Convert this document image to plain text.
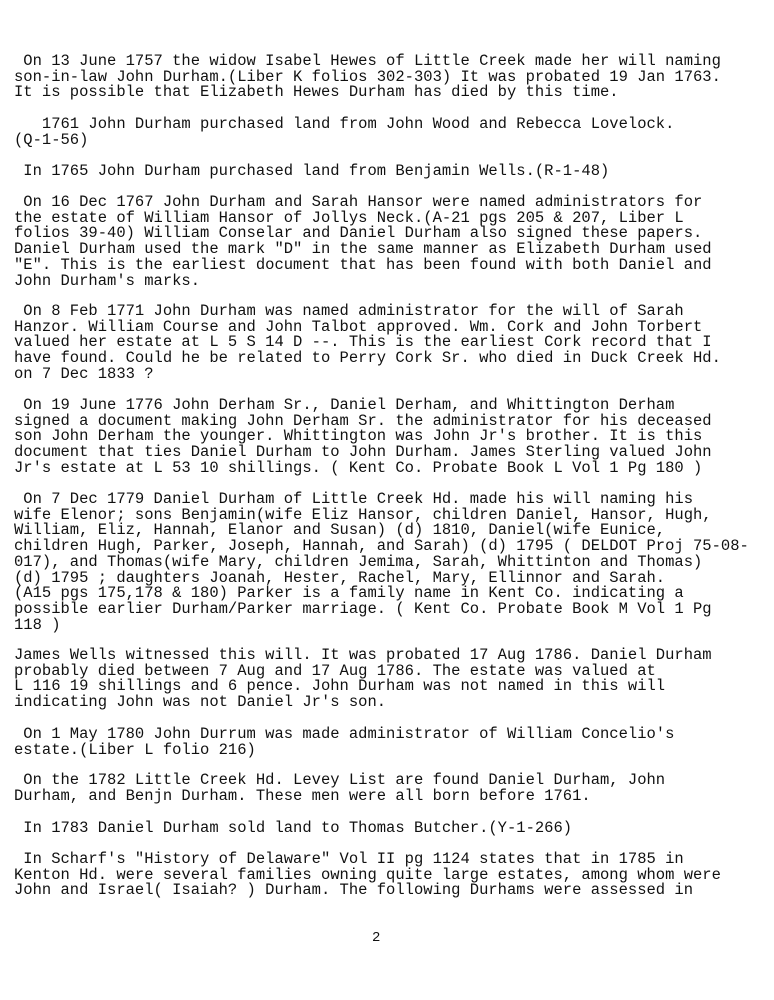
On 13 June 1757 the widow Isabel Hewes of Little Creek made her will naming
son-in-law John Durham.(Liber K folios 302-303) It was probated 19 Jan 1763.
It is possible that Elizabeth Hewes Durham has died by this time.

1761 John Durham purchased land from John Wood and Rebecca Lovelock.
(Q-1-56)

In 1765 John Durham purchased land from Benjamin Wells.(R-1-48)

On 16 Dec 1767 John Durham and Sarah Hansor were named administrators for
the estate of William Hansor of Jollys Neck.(A-21 pgs 205 & 207, Liber L
folios 39-40) William Conselar and Daniel Durham also signed these papers.
Daniel Durham used the mark "D" in the same manner as Elizabeth Durham used
"E". This is the earliest document that has been found with both Daniel and
John Durham's marks.

On 8 Feb 1771 John Durham was named administrator for the will of Sarah
Hanzor. William Course and John Talbot approved. Wm. Cork and John Torbert
valued her estate at L 5 S 14 D --. This is the earliest Cork record that I
have found. Could he be related to Perry Cork Sr. who died in Duck Creek Hd.
on 7 Dec 1833 ?

On 19 June 1776 John Derham Sr., Daniel Derham, and Whittington Derham
signed a document making John Derham Sr. the administrator for his deceased
son John Derham the younger. Whittington was John Jr's brother. It is this
document that ties Daniel Durham to John Durham. James Sterling valued John
Jr's estate at L 53 10 shillings. ( Kent Co. Probate Book L Vol 1 Pg 180 )

On 7 Dec 1779 Daniel Durham of Little Creek Hd. made his will naming his
wife Elenor; sons Benjamin(wife Eliz Hansor, children Daniel, Hansor, Hugh,
William, Eliz, Hannah, Elanor and Susan) (d) 1810, Daniel(wife Eunice,
children Hugh, Parker, Joseph, Hannah, and Sarah) (d) 1795 ( DELDOT Proj 75-08-
017), and Thomas(wife Mary, children Jemima, Sarah, Whittinton and Thomas)
(d) 1795 ; daughters Joanah, Hester, Rachel, Mary, Ellinnor and Sarah.
(A15 pgs 175,178 & 180) Parker is a family name in Kent Co. indicating a
possible earlier Durham/Parker marriage. ( Kent Co. Probate Book M Vol 1 Pg
118 )

James Wells witnessed this will. It was probated 17 Aug 1786. Daniel Durham
probably died between 7 Aug and 17 Aug 1786. The estate was valued at
L 116 19 shillings and 6 pence. John Durham was not named in this will
indicating John was not Daniel Jr's son.

On 1 May 1780 John Durrum was made administrator of William Concelio's
estate.(Liber L folio 216)

On the 1782 Little Creek Hd. Levey List are found Daniel Durham, John
Durham, and Benjn Durham. These men were all born before 1761.

In 1783 Daniel Durham sold land to Thomas Butcher.(Y-1-266)

In Scharf's "History of Delaware" Vol II pg 1124 states that in 1785 in
Kenton Hd. were several families owning quite large estates, among whom were
John and Israel( Isaiah? ) Durham. The following Durhams were assessed in

2
